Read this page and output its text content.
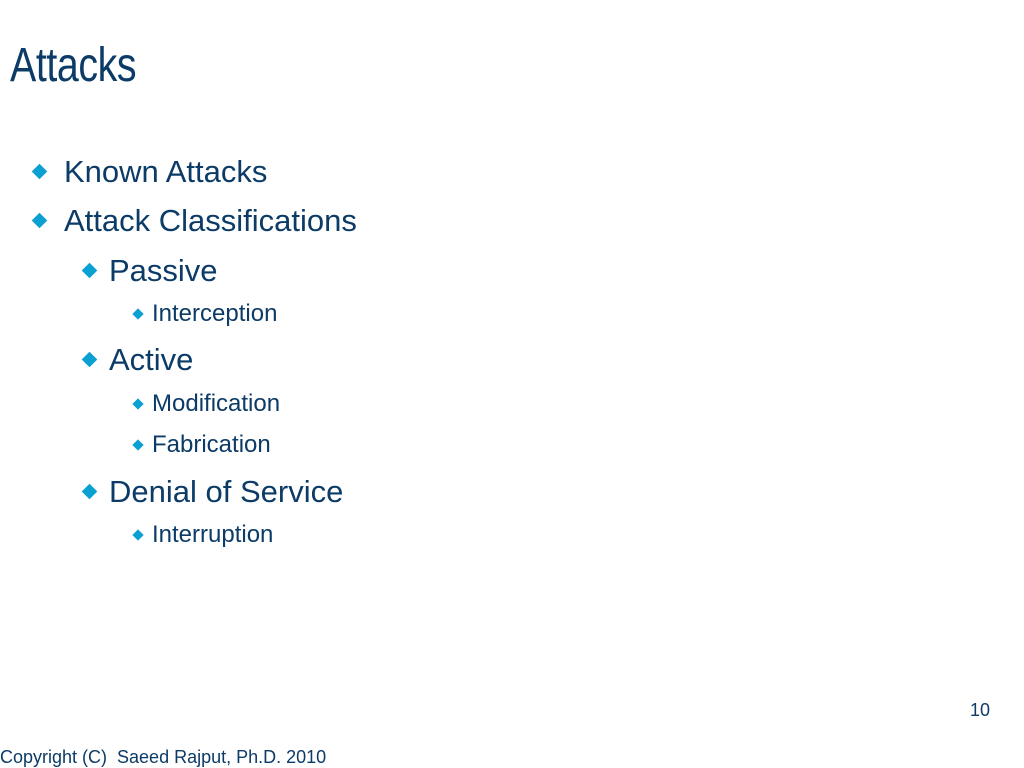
Attacks
Known Attacks
Attack Classifications
Passive
Interception
Active
Modification
Fabrication
Denial of Service
Interruption
10
Copyright (C)  Saeed Rajput, Ph.D. 2010
